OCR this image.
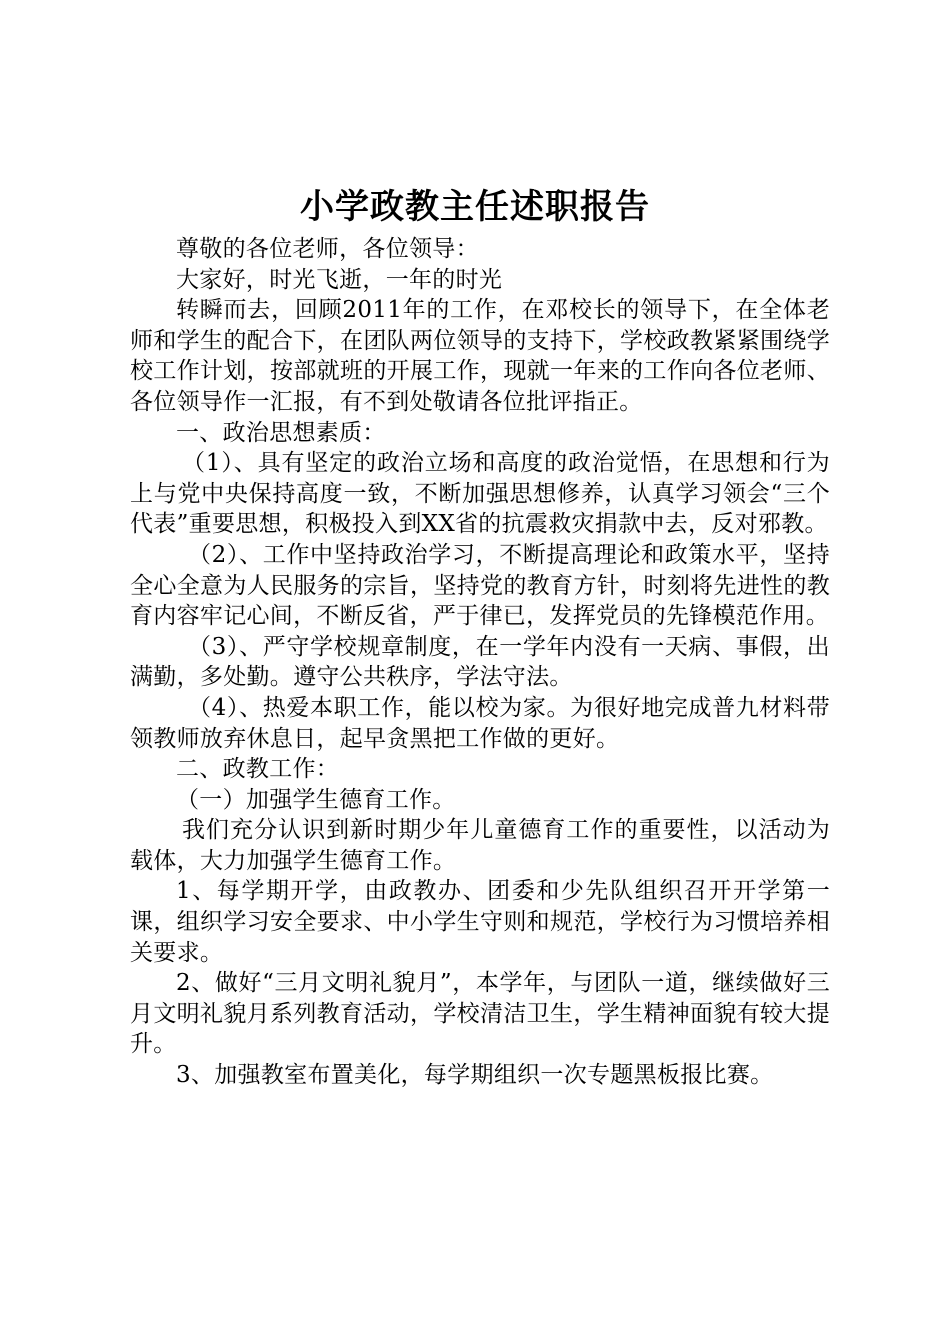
小学政教主任述职报告

尊敬的各位老师，各位领导：

大家好，时光飞逝，一年的时光

转瞬而去，回顾2011年的工作，在邓校长的领导下，在全体老师和学生的配合下，在团队两位领导的支持下，学校政教紧紧围绕学校工作计划，按部就班的开展工作，现就一年来的工作向各位老师、各位领导作一汇报，有不到处敬请各位批评指正。

一、政治思想素质：

（1）、具有坚定的政治立场和高度的政治觉悟，在思想和行为上与党中央保持高度一致，不断加强思想修养，认真学习领会“三个代表”重要思想，积极投入到XX省的抗震救灾捐款中去，反对邪教。

（2）、工作中坚持政治学习，不断提高理论和政策水平，坚持全心全意为人民服务的宗旨，坚持党的教育方针，时刻将先进性的教育内容牢记心间，不断反省，严于律已，发挥党员的先锋模范作用。

（3）、严守学校规章制度，在一学年内没有一天病、事假，出满勤，多处勤。遵守公共秩序，学法守法。

（4）、热爱本职工作，能以校为家。为很好地完成普九材料带领教师放弃休息日，起早贪黑把工作做的更好。

二、政教工作：

（一）加强学生德育工作。

我们充分认识到新时期少年儿童德育工作的重要性，以活动为载体，大力加强学生德育工作。

1、每学期开学，由政教办、团委和少先队组织召开开学第一课，组织学习安全要求、中小学生守则和规范，学校行为习惯培养相关要求。

2、做好“三月文明礼貌月”，本学年，与团队一道，继续做好三月文明礼貌月系列教育活动，学校清洁卫生，学生精神面貌有较大提升。

3、加强教室布置美化，每学期组织一次专题黑板报比赛。
